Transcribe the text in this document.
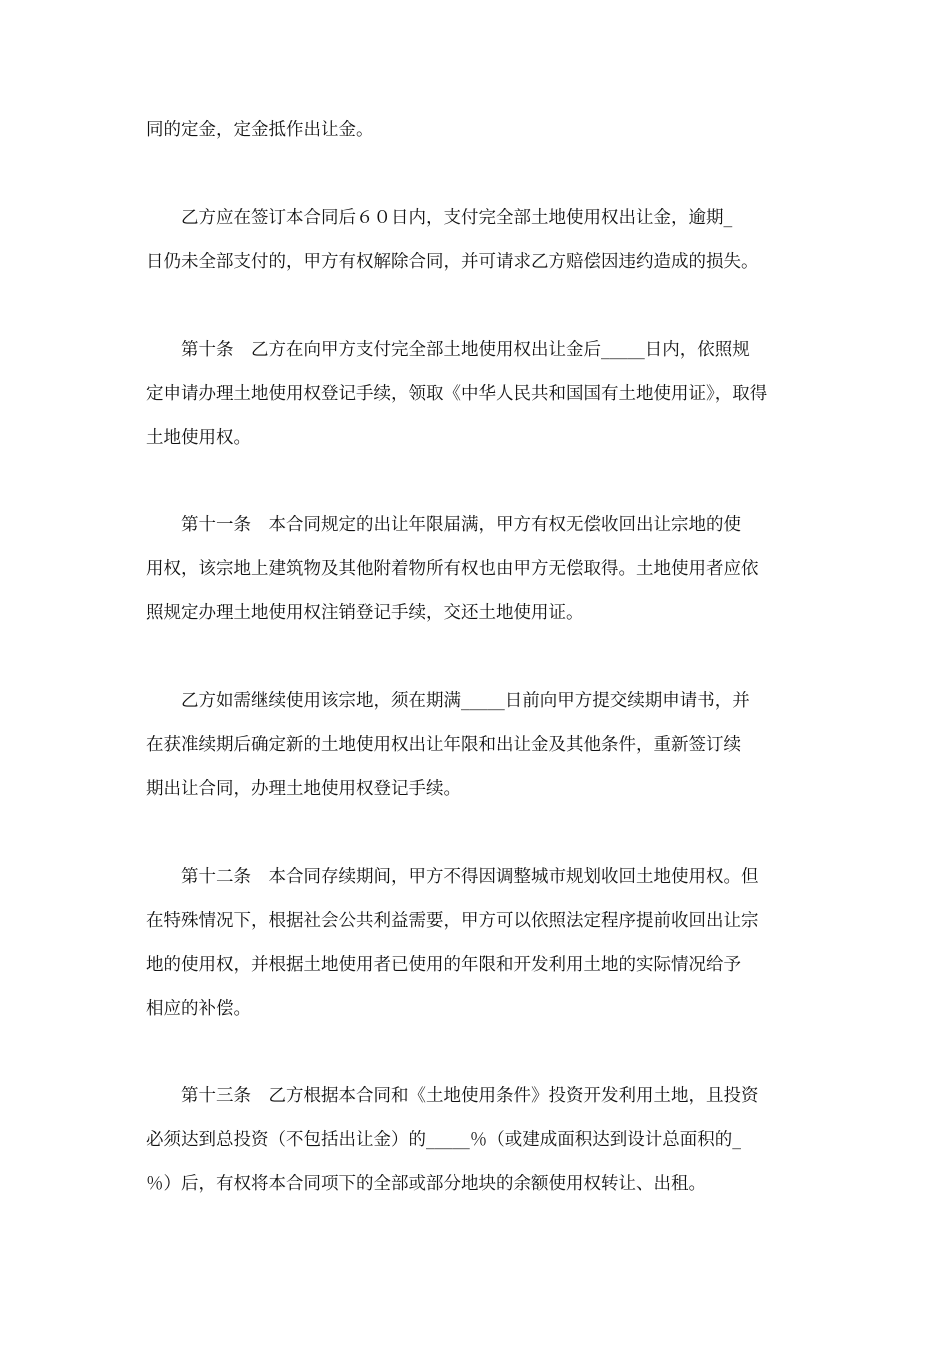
同的定金，定金抵作出让金。

　　乙方应在签订本合同后６０日内，支付完全部土地使用权出让金，逾期_
日仍未全部支付的，甲方有权解除合同，并可请求乙方赔偿因违约造成的损失。

　　第十条　乙方在向甲方支付完全部土地使用权出让金后_____日内，依照规
定申请办理土地使用权登记手续，领取《中华人民共和国国有土地使用证》，取得
土地使用权。

　　第十一条　本合同规定的出让年限届满，甲方有权无偿收回出让宗地的使
用权，该宗地上建筑物及其他附着物所有权也由甲方无偿取得。土地使用者应依
照规定办理土地使用权注销登记手续，交还土地使用证。

　　乙方如需继续使用该宗地，须在期满_____日前向甲方提交续期申请书，并
在获准续期后确定新的土地使用权出让年限和出让金及其他条件，重新签订续
期出让合同，办理土地使用权登记手续。

　　第十二条　本合同存续期间，甲方不得因调整城市规划收回土地使用权。但
在特殊情况下，根据社会公共利益需要，甲方可以依照法定程序提前收回出让宗
地的使用权，并根据土地使用者已使用的年限和开发利用土地的实际情况给予
相应的补偿。

　　第十三条　乙方根据本合同和《土地使用条件》投资开发利用土地，且投资
必须达到总投资（不包括出让金）的_____％（或建成面积达到设计总面积的_
％）后，有权将本合同项下的全部或部分地块的余额使用权转让、出租。
